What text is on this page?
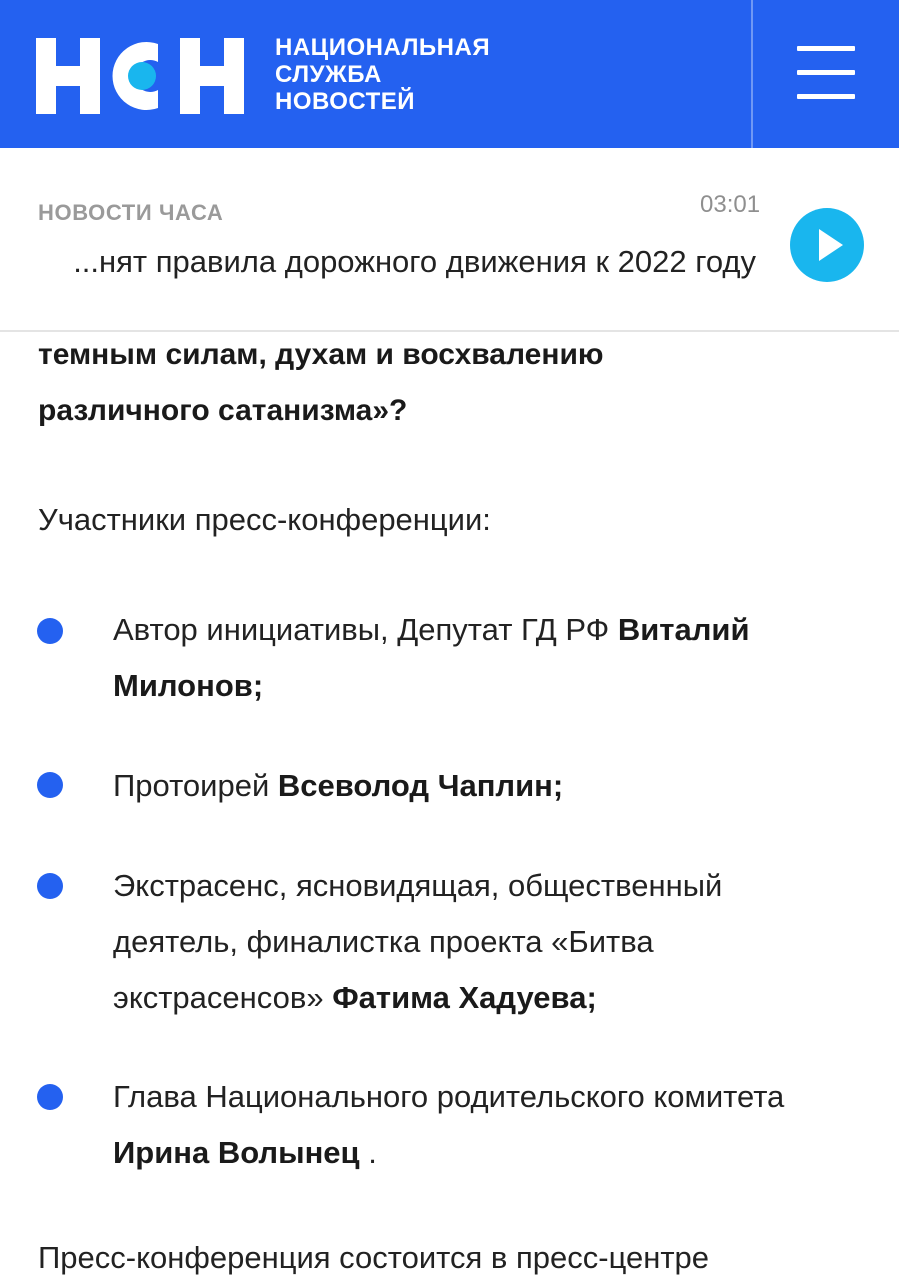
НАЦИОНАЛЬНАЯ
СЛУЖБА
НОВОСТЕЙ
НОВОСТИ ЧАСА	03:01
...нят правила дорожного движения к 2022 году
темным силам, духам и восхвалению
различного сатанизма»?
Участники пресс-конференции:
Автор инициативы, Депутат ГД РФ Виталий
Милонов;
Протоирей Всеволод Чаплин;
Экстрасенс, ясновидящая, общественный
деятель, финалистка проекта «Битва
экстрасенсов» Фатима Хадуева;
Глава Национального родительского комитета
Ирина Волынец .
Пресс-конференция состоится в пресс-центре
